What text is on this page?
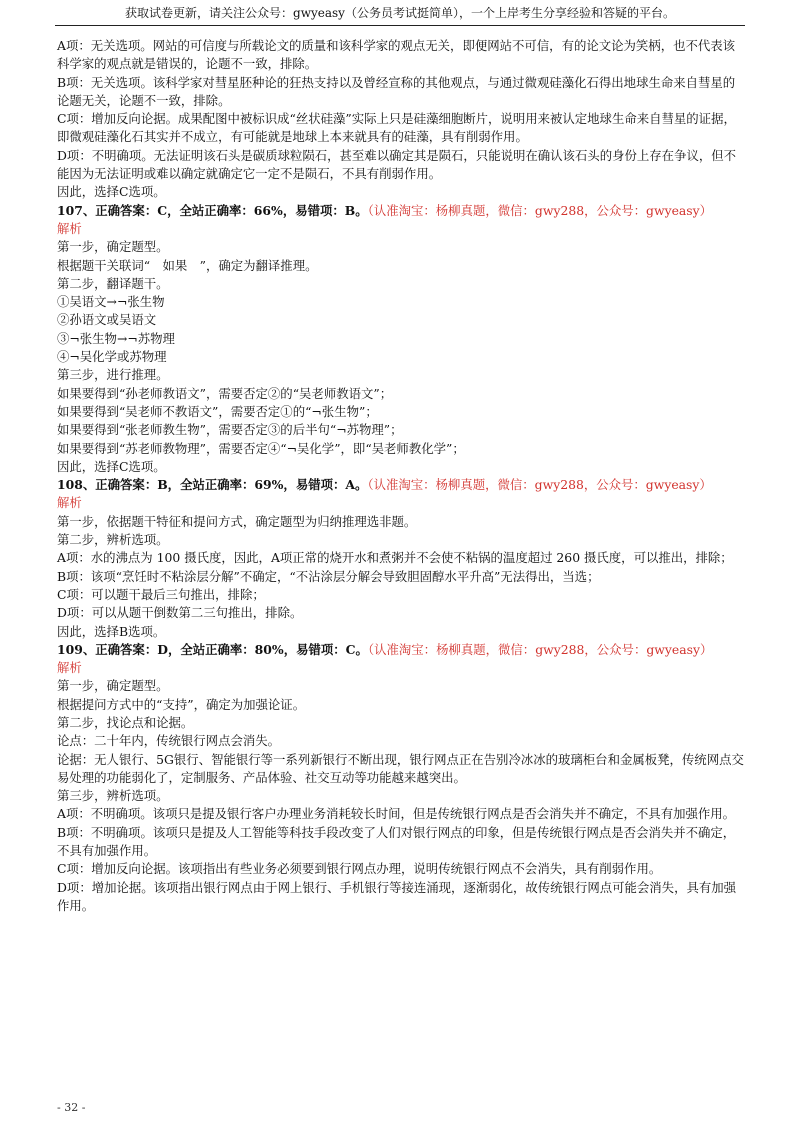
获取试卷更新，请关注公众号：gwyeasy（公务员考试挺简单），一个上岸考生分享经验和答疑的平台。

A项：无关选项。网站的可信度与所载论文的质量和该科学家的观点无关，即便网站不可信，有的论文论为笑柄，也不代表该科学家的观点就是错误的，论题不一致，排除。

B项：无关选项。该科学家对彗星胚种论的狂热支持以及曾经宣称的其他观点，与通过微观硅藻化石得出地球生命来自彗星的论题无关，论题不一致，排除。

C项：增加反向论据。成果配图中被标识成“丝状硅藻”实际上只是硅藻细胞断片，说明用来被认定地球生命来自彗星的证据，即微观硅藻化石其实并不成立，有可能就是地球上本来就具有的硅藻，具有削弱作用。

D项：不明确项。无法证明该石头是碳质球粒陨石，甚至难以确定其是陨石，只能说明在确认该石头的身份上存在争议，但不能因为无法证明或难以确定就确定它一定不是陨石，不具有削弱作用。

因此，选择C选项。

107、正确答案：C，全站正确率：66%，易错项：B。（认准淘宝：杨柳真题，微信：gwy288，公众号：gwyeasy）

解析

第一步，确定题型。

根据题干关联词“　如果　”，确定为翻译推理。

第二步，翻译题干。

①吴语文→¬张生物

②孙语文或吴语文

③¬张生物→¬苏物理

④¬吴化学或苏物理

第三步，进行推理。

如果要得到“孙老师教语文”，需要否定②的“吴老师教语文”；

如果要得到“吴老师不教语文”，需要否定①的“¬张生物”；

如果要得到“张老师教生物”，需要否定③的后半句“¬苏物理”；

如果要得到“苏老师教物理”，需要否定④“¬吴化学”，即“吴老师教化学”；

因此，选择C选项。

108、正确答案：B，全站正确率：69%，易错项：A。（认准淘宝：杨柳真题，微信：gwy288，公众号：gwyeasy）

解析

第一步，依据题干特征和提问方式，确定题型为归纳推理选非题。

第二步，辨析选项。

A项：水的沸点为 100 摄氏度，因此，A项正常的烧开水和煮粥并不会使不粘锅的温度超过 260 摄氏度，可以推出，排除；

B项：该项“烹饪时不粘涂层分解”不确定，“不沾涂层分解会导致胆固醇水平升高”无法得出，当选；

C项：可以题干最后三句推出，排除；

D项：可以从题干倒数第二三句推出，排除。

因此，选择B选项。

109、正确答案：D，全站正确率：80%，易错项：C。（认准淘宝：杨柳真题，微信：gwy288，公众号：gwyeasy）

解析

第一步，确定题型。

根据提问方式中的“支持”，确定为加强论证。

第二步，找论点和论据。

论点：二十年内，传统银行网点会消失。

论据：无人银行、5G银行、智能银行等一系列新银行不断出现，银行网点正在告别冷冰冰的玻璃柜台和金属板凳，传统网点交易处理的功能弱化了，定制服务、产品体验、社交互动等功能越来越突出。

第三步，辨析选项。

A项：不明确项。该项只是提及银行客户办理业务消耗较长时间，但是传统银行网点是否会消失并不确定，不具有加强作用。

B项：不明确项。该项只是提及人工智能等科技手段改变了人们对银行网点的印象，但是传统银行网点是否会消失并不确定，不具有加强作用。

C项：增加反向论据。该项指出有些业务必须要到银行网点办理，说明传统银行网点不会消失，具有削弱作用。

D项：增加论据。该项指出银行网点由于网上银行、手机银行等接连涌现，逐渐弱化，故传统银行网点可能会消失，具有加强作用。

- 32 -
